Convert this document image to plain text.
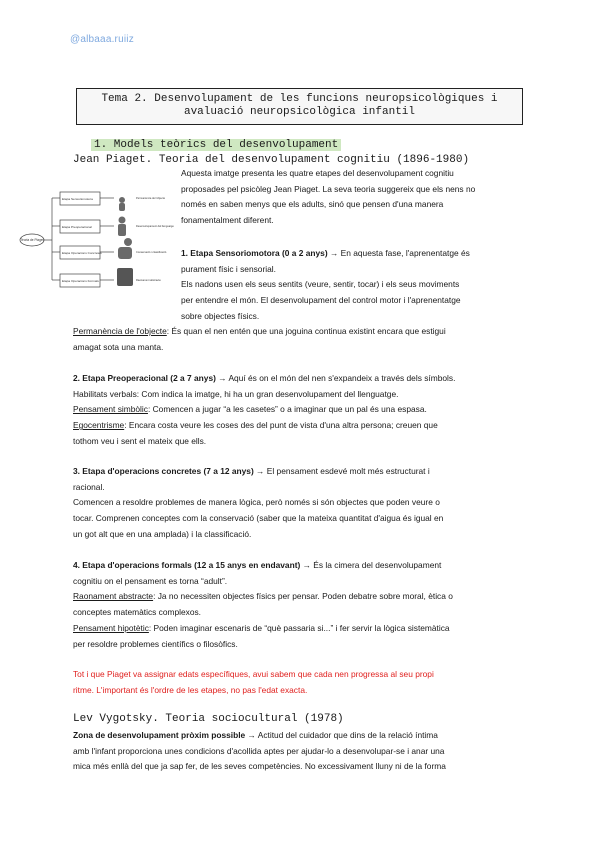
@albaaa.ruiiz
Tema 2. Desenvolupament de les funcions neuropsicològiques i
avaluació neuropsicològica infantil
1. Models teòrics del desenvolupament
Jean Piaget. Teoria del desenvolupament cognitiu (1896-1980)
Teoria de Piaget
Etapa Sensoriomotora
Etapa Preoperacional
Etapa Operacions Concretes
Etapa Operacions Formals
Permanència de l'objecte
Desenvolupament del llenguatge
Conservació i classificació
Raonament abstracte
Aquesta imatge presenta les quatre etapes del desenvolupament cognitiu
proposades pel psicòleg Jean Piaget. La seva teoria suggereix que els nens no
només en saben menys que els adults, sinó que pensen d'una manera
fonamentalment diferent.
1. Etapa Sensoriomotora (0 a 2 anys) → En aquesta fase, l'aprenentatge és
purament físic i sensorial.
Els nadons usen els seus sentits (veure, sentir, tocar) i els seus moviments
per entendre el món. El desenvolupament del control motor i l'aprenentatge
sobre objectes físics.
Permanència de l'objecte: És quan el nen entén que una joguina continua existint encara que estigui
amagat sota una manta.
2. Etapa Preoperacional (2 a 7 anys) → Aquí és on el món del nen s'expandeix a través dels símbols.
Habilitats verbals: Com indica la imatge, hi ha un gran desenvolupament del llenguatge.
Pensament simbòlic: Comencen a jugar “a les casetes” o a imaginar que un pal és una espasa.
Egocentrisme: Encara costa veure les coses des del punt de vista d'una altra persona; creuen que
tothom veu i sent el mateix que ells.
3. Etapa d'operacions concretes (7 a 12 anys) → El pensament esdevé molt més estructurat i
racional.
Comencen a resoldre problemes de manera lògica, però només si són objectes que poden veure o
tocar. Comprenen conceptes com la conservació (saber que la mateixa quantitat d'aigua és igual en
un got alt que en una amplada) i la classificació.
4. Etapa d'operacions formals (12 a 15 anys en endavant) → És la cimera del desenvolupament
cognitiu on el pensament es torna “adult”.
Raonament abstracte: Ja no necessiten objectes físics per pensar. Poden debatre sobre moral, ètica o
conceptes matemàtics complexos.
Pensament hipotètic: Poden imaginar escenaris de “què passaria si...” i fer servir la lògica sistemàtica
per resoldre problemes científics o filosòfics.
Tot i que Piaget va assignar edats específiques, avui sabem que cada nen progressa al seu propi
ritme. L'important és l'ordre de les etapes, no pas l'edat exacta.
Lev Vygotsky. Teoria sociocultural (1978)
Zona de desenvolupament pròxim possible → Actitud del cuidador que dins de la relació íntima
amb l'infant proporciona unes condicions d'acollida aptes per ajudar-lo a desenvolupar-se i anar una
mica més enllà del que ja sap fer, de les seves competències. No excessivament lluny ni de la forma
